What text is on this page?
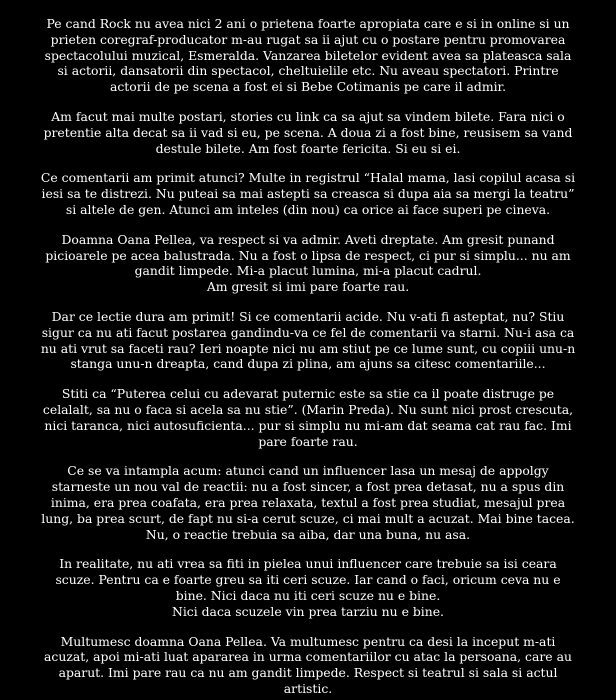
Pe cand Rock nu avea nici 2 ani o prietena foarte apropiata care e si in online si un prieten coregraf-producator m-au rugat sa ii ajut cu o postare pentru promovarea spectacolului muzical, Esmeralda. Vanzarea biletelor evident avea sa plateasca sala si actorii, dansatorii din spectacol, cheltuielile etc. Nu aveau spectatori. Printre actorii de pe scena a fost ei si Bebe Cotimanis pe care il admir.

Am facut mai multe postari, stories cu link ca sa ajut sa vindem bilete. Fara nici o pretentie alta decat sa ii vad si eu, pe scena. A doua zi a fost bine, reusisem sa vand destule bilete. Am fost foarte fericita. Si eu si ei.

Ce comentarii am primit atunci? Multe in registrul “Halal mama, lasi copilul acasa si iesi sa te distrezi. Nu puteai sa mai astepti sa creasca si dupa aia sa mergi la teatru” si altele de gen. Atunci am inteles (din nou) ca orice ai face superi pe cineva.

Doamna Oana Pellea, va respect si va admir. Aveti dreptate. Am gresit punand picioarele pe acea balustrada. Nu a fost o lipsa de respect, ci pur si simplu... nu am gandit limpede. Mi-a placut lumina, mi-a placut cadrul.
Am gresit si imi pare foarte rau.

Dar ce lectie dura am primit! Si ce comentarii acide. Nu v-ati fi asteptat, nu? Stiu sigur ca nu ati facut postarea gandindu-va ce fel de comentarii va starni. Nu-i asa ca nu ati vrut sa faceti rau? Ieri noapte nici nu am stiut pe ce lume sunt, cu copiii unu-n stanga unu-n dreapta, cand dupa zi plina, am ajuns sa citesc comentariile...

Stiti ca “Puterea celui cu adevarat puternic este sa stie ca il poate distruge pe celalalt, sa nu o faca si acela sa nu stie”. (Marin Preda). Nu sunt nici prost crescuta, nici taranca, nici autosuficienta... pur si simplu nu mi-am dat seama cat rau fac. Imi pare foarte rau.

Ce se va intampla acum: atunci cand un influencer lasa un mesaj de appolgy starneste un nou val de reactii: nu a fost sincer, a fost prea detasat, nu a spus din inima, era prea coafata, era prea relaxata, textul a fost prea studiat, mesajul prea lung, ba prea scurt, de fapt nu si-a cerut scuze, ci mai mult a acuzat. Mai bine tacea. Nu, o reactie trebuia sa aiba, dar una buna, nu asa.

In realitate, nu ati vrea sa fiti in pielea unui influencer care trebuie sa isi ceara scuze. Pentru ca e foarte greu sa iti ceri scuze. Iar cand o faci, oricum ceva nu e bine. Nici daca nu iti ceri scuze nu e bine.
Nici daca scuzele vin prea tarziu nu e bine.

Multumesc doamna Oana Pellea. Va multumesc pentru ca desi la inceput m-ati acuzat, apoi mi-ati luat apararea in urma comentariilor cu atac la persoana, care au aparut. Imi pare rau ca nu am gandit limpede. Respect si teatrul si sala si actul artistic.
